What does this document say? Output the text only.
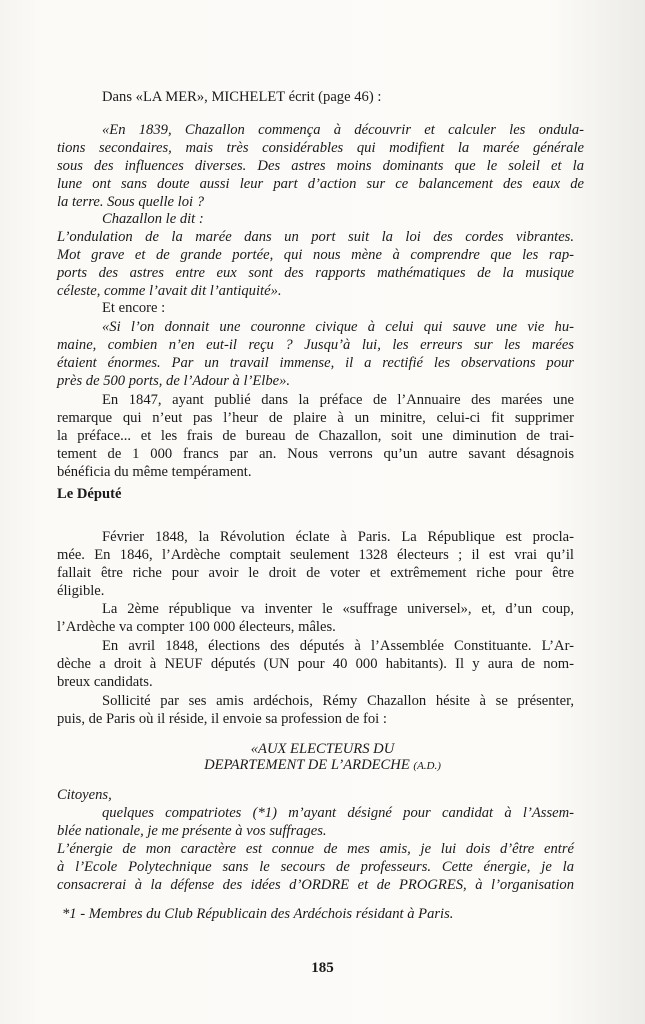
Dans «LA MER», MICHELET écrit (page 46) :
«En 1839, Chazallon commença à découvrir et calculer les ondula-
tions secondaires, mais très considérables qui modifient la marée générale
sous des influences diverses. Des astres moins dominants que le soleil et la
lune ont sans doute aussi leur part d’action sur ce balancement des eaux de
la terre. Sous quelle loi ?
Chazallon le dit :
L’ondulation de la marée dans un port suit la loi des cordes vibrantes.
Mot grave et de grande portée, qui nous mène à comprendre que les rap-
ports des astres entre eux sont des rapports mathématiques de la musique
céleste, comme l’avait dit l’antiquité».
Et encore :
«Si l’on donnait une couronne civique à celui qui sauve une vie hu-
maine, combien n’en eut-il reçu ? Jusqu’à lui, les erreurs sur les marées
étaient énormes. Par un travail immense, il a rectifié les observations pour
près de 500 ports, de l’Adour à l’Elbe».
En 1847, ayant publié dans la préface de l’Annuaire des marées une
remarque qui n’eut pas l’heur de plaire à un minitre, celui-ci fit supprimer
la préface... et les frais de bureau de Chazallon, soit une diminution de trai-
tement de 1 000 francs par an. Nous verrons qu’un autre savant désagnois
bénéficia du même tempérament.
Le Député
Février 1848, la Révolution éclate à Paris. La République est procla-
mée. En 1846, l’Ardèche comptait seulement 1328 électeurs ; il est vrai qu’il
fallait être riche pour avoir le droit de voter et extrêmement riche pour être
éligible.
La 2ème république va inventer le «suffrage universel», et, d’un coup,
l’Ardèche va compter 100 000 électeurs, mâles.
En avril 1848, élections des députés à l’Assemblée Constituante. L’Ar-
dèche a droit à NEUF députés (UN pour 40 000 habitants). Il y aura de nom-
breux candidats.
Sollicité par ses amis ardéchois, Rémy Chazallon hésite à se présenter,
puis, de Paris où il réside, il envoie sa profession de foi :
«AUX ELECTEURS DU
DEPARTEMENT DE L’ARDECHE (A.D.)
Citoyens,
quelques compatriotes (*1) m’ayant désigné pour candidat à l’Assem-
blée nationale, je me présente à vos suffrages.
L’énergie de mon caractère est connue de mes amis, je lui dois d’être entré
à l’Ecole Polytechnique sans le secours de professeurs. Cette énergie, je la
consacrerai à la défense des idées d’ORDRE et de PROGRES, à l’organisation
*1 - Membres du Club Républicain des Ardéchois résidant à Paris.
185
